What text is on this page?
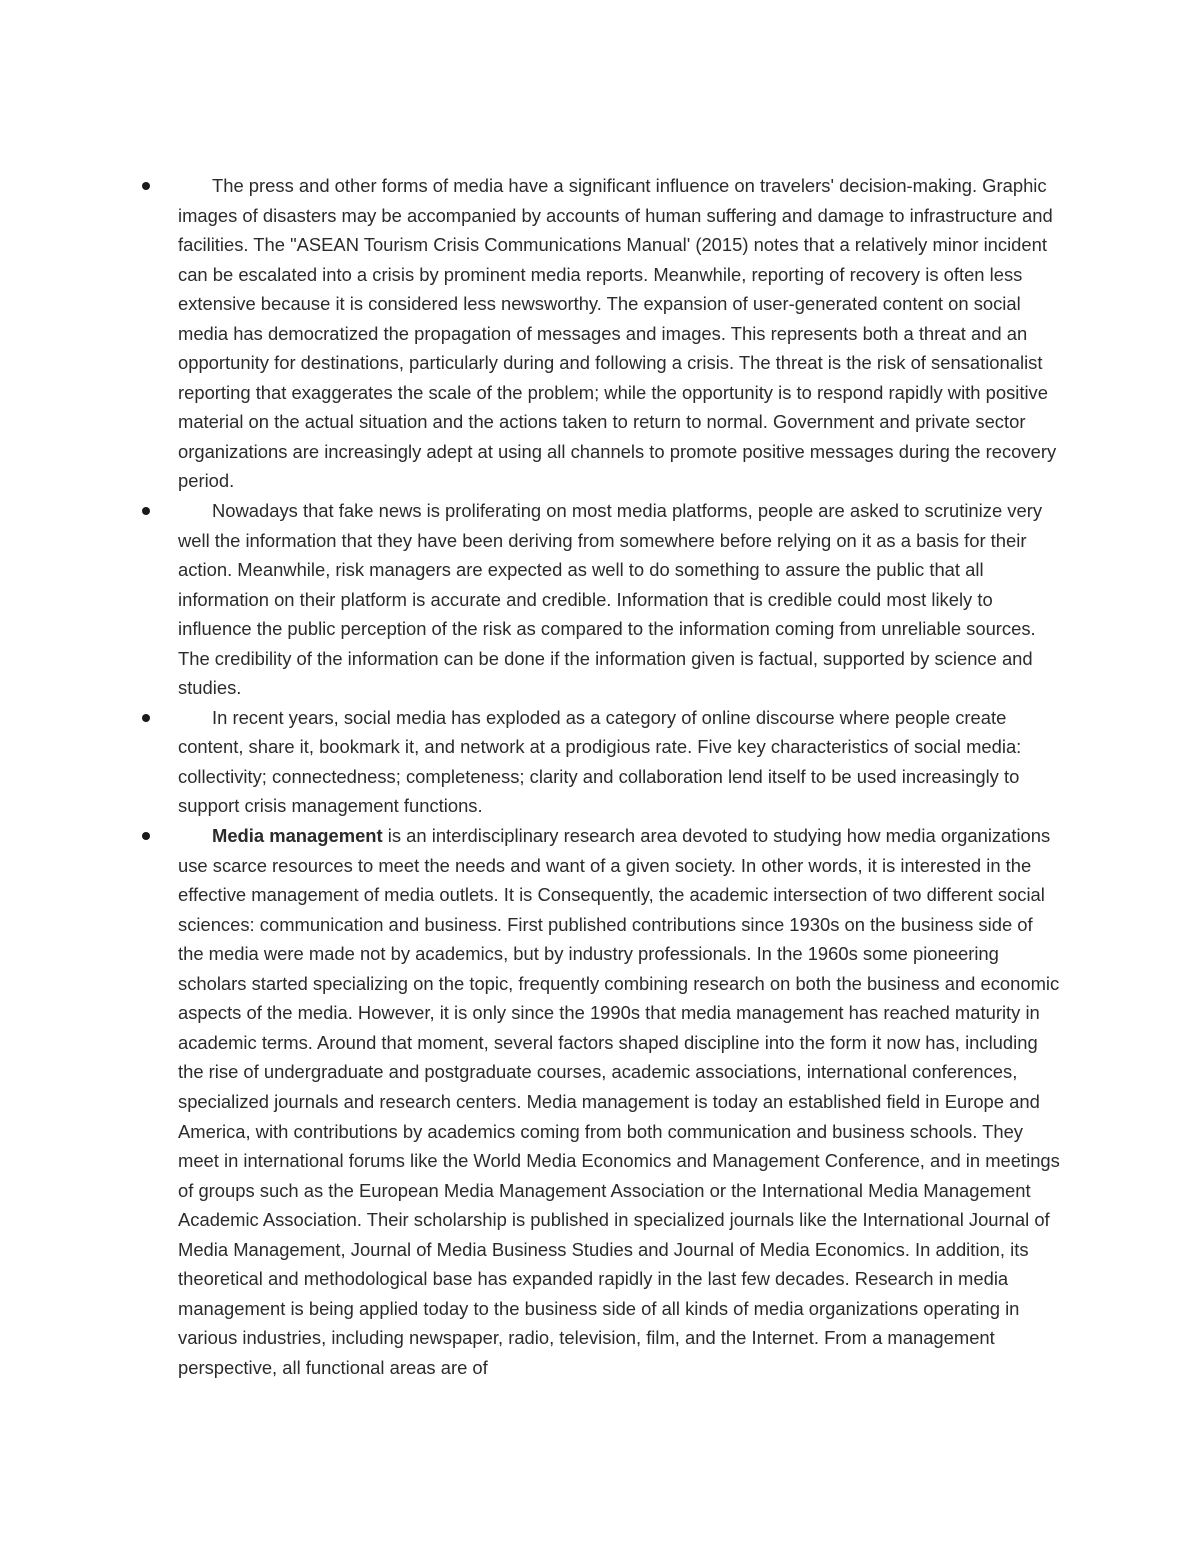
The press and other forms of media have a significant influence on travelers' decision-making. Graphic images of disasters may be accompanied by accounts of human suffering and damage to infrastructure and facilities. The "ASEAN Tourism Crisis Communications Manual' (2015) notes that a relatively minor incident can be escalated into a crisis by prominent media reports. Meanwhile, reporting of recovery is often less extensive because it is considered less newsworthy. The expansion of user-generated content on social media has democratized the propagation of messages and images. This represents both a threat and an opportunity for destinations, particularly during and following a crisis. The threat is the risk of sensationalist reporting that exaggerates the scale of the problem; while the opportunity is to respond rapidly with positive material on the actual situation and the actions taken to return to normal. Government and private sector organizations are increasingly adept at using all channels to promote positive messages during the recovery period.
Nowadays that fake news is proliferating on most media platforms, people are asked to scrutinize very well the information that they have been deriving from somewhere before relying on it as a basis for their action. Meanwhile, risk managers are expected as well to do something to assure the public that all information on their platform is accurate and credible. Information that is credible could most likely to influence the public perception of the risk as compared to the information coming from unreliable sources. The credibility of the information can be done if the information given is factual, supported by science and studies.
In recent years, social media has exploded as a category of online discourse where people create content, share it, bookmark it, and network at a prodigious rate. Five key characteristics of social media: collectivity; connectedness; completeness; clarity and collaboration lend itself to be used increasingly to support crisis management functions.
Media management is an interdisciplinary research area devoted to studying how media organizations use scarce resources to meet the needs and want of a given society. In other words, it is interested in the effective management of media outlets. It is Consequently, the academic intersection of two different social sciences: communication and business. First published contributions since 1930s on the business side of the media were made not by academics, but by industry professionals. In the 1960s some pioneering scholars started specializing on the topic, frequently combining research on both the business and economic aspects of the media. However, it is only since the 1990s that media management has reached maturity in academic terms. Around that moment, several factors shaped discipline into the form it now has, including the rise of undergraduate and postgraduate courses, academic associations, international conferences, specialized journals and research centers. Media management is today an established field in Europe and America, with contributions by academics coming from both communication and business schools. They meet in international forums like the World Media Economics and Management Conference, and in meetings of groups such as the European Media Management Association or the International Media Management Academic Association. Their scholarship is published in specialized journals like the International Journal of Media Management, Journal of Media Business Studies and Journal of Media Economics. In addition, its theoretical and methodological base has expanded rapidly in the last few decades. Research in media management is being applied today to the business side of all kinds of media organizations operating in various industries, including newspaper, radio, television, film, and the Internet. From a management perspective, all functional areas are of
